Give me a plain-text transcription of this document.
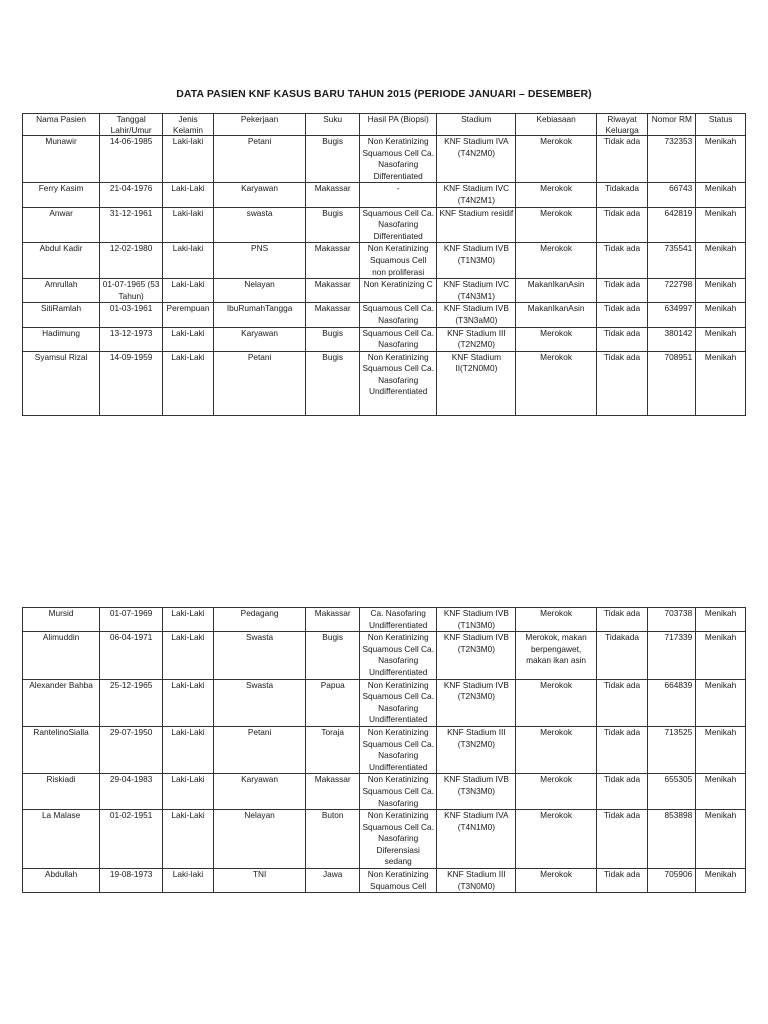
DATA PASIEN KNF KASUS BARU TAHUN 2015 (PERIODE JANUARI – DESEMBER)
Nama Pasien	Tanggal Lahir/Umur	Jenis Kelamin	Pekerjaan	Suku	Hasil PA (Biopsi)	Stadium	Kebiasaan	Riwayat Keluarga	Nomor RM	Status
Munawir	14-06-1985	Laki-laki	Petani	Bugis	Non Keratinizing Squamous Cell Ca. Nasofaring Differentiated	KNF Stadium IVA (T4N2M0)	Merokok	Tidak ada	732353	Menikah
Ferry Kasim	21-04-1976	Laki-Laki	Karyawan	Makassar	-	KNF Stadium IVC (T4N2M1)	Merokok	Tidakada	66743	Menikah
Anwar	31-12-1961	Laki-laki	swasta	Bugis	Squamous Cell Ca. Nasofaring Differentiated	KNF Stadium residif	Merokok	Tidak ada	642819	Menikah
Abdul Kadir	12-02-1980	Laki-laki	PNS	Makassar	Non Keratinizing Squamous Cell non proliferasi	KNF Stadium IVB (T1N3M0)	Merokok	Tidak ada	735541	Menikah
Amrullah	01-07-1965 (53 Tahun)	Laki-Laki	Nelayan	Makassar	Non Keratinizing C	KNF Stadium IVC (T4N3M1)	MakanIkanAsin	Tidak ada	722798	Menikah
SitiRamlah	01-03-1961	Perempuan	IbuRumahTangga	Makassar	Squamous Cell Ca. Nasofaring	KNF Stadium IVB (T3N3aM0)	MakanIkanAsin	Tidak ada	634997	Menikah
Hadimung	13-12-1973	Laki-Laki	Karyawan	Bugis	Squamous Cell Ca. Nasofaring	KNF Stadium III (T2N2M0)	Merokok	Tidak ada	380142	Menikah
Syamsul Rizal	14-09-1959	Laki-Laki	Petani	Bugis	Non Keratinizing Squamous Cell Ca. Nasofaring Undifferentiated	KNF Stadium II(T2N0M0)	Merokok	Tidak ada	708951	Menikah
Mursid	01-07-1969	Laki-Laki	Pedagang	Makassar	Ca. Nasofaring Undifferentiated	KNF Stadium IVB (T1N3M0)	Merokok	Tidak ada	703738	Menikah
Alimuddin	06-04-1971	Laki-Laki	Swasta	Bugis	Non Keratinizing Squamous Cell Ca. Nasofaring Undifferentiated	KNF Stadium IVB (T2N3M0)	Merokok, makan berpengawet, makan ikan asin	Tidakada	717339	Menikah
Alexander Bahba	25-12-1965	Laki-Laki	Swasta	Papua	Non Keratinizing Squamous Cell Ca. Nasofaring Undifferentiated	KNF Stadium IVB (T2N3M0)	Merokok	Tidak ada	664839	Menikah
RantelinoSialla	29-07-1950	Laki-Laki	Petani	Toraja	Non Keratinizing Squamous Cell Ca. Nasofaring Undifferentiated	KNF Stadium III (T3N2M0)	Merokok	Tidak ada	713525	Menikah
Riskiadi	29-04-1983	Laki-Laki	Karyawan	Makassar	Non Keratinizing Squamous Cell Ca. Nasofaring	KNF Stadium IVB (T3N3M0)	Merokok	Tidak ada	655305	Menikah
La Malase	01-02-1951	Laki-Laki	Nelayan	Buton	Non Keratinizing Squamous Cell Ca. Nasofaring Diferensiasi sedang	KNF Stadium IVA (T4N1M0)	Merokok	Tidak ada	853898	Menikah
Abdullah	19-08-1973	Laki-laki	TNI	Jawa	Non Keratinizing Squamous Cell	KNF Stadium III (T3N0M0)	Merokok	Tidak ada	705906	Menikah
